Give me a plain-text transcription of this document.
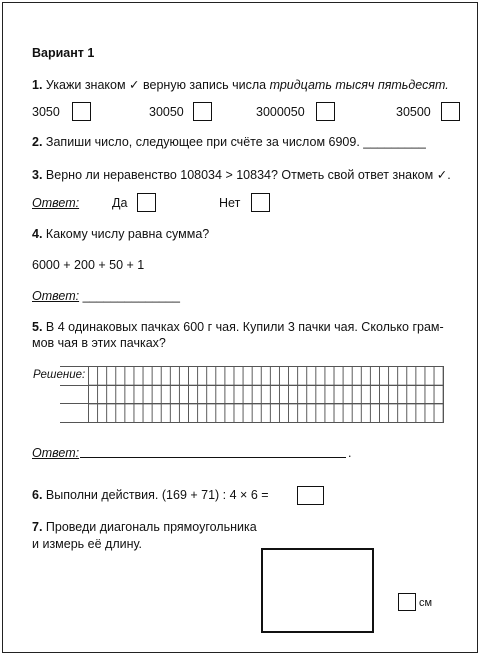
Вариант 1
1. Укажи знаком ✓ верную запись числа тридцать тысяч пятьдесят.
3050	30050	3000050	30500
2. Запиши число, следующее при счёте за числом 6909. _________
3. Верно ли неравенство 108034 > 10834? Отметь свой ответ знаком ✓.
Ответ:	Да	Нет
4. Какому числу равна сумма?
6000 + 200 + 50 + 1
Ответ: ______________
5. В 4 одинаковых пачках 600 г чая. Купили 3 пачки чая. Сколько грам-
мов чая в этих пачках?
Решение:
Ответ:	.
6. Выполни действия. (169 + 71) : 4 × 6 =
7. Проведи диагональ прямоугольника
и измерь её длину.
см
